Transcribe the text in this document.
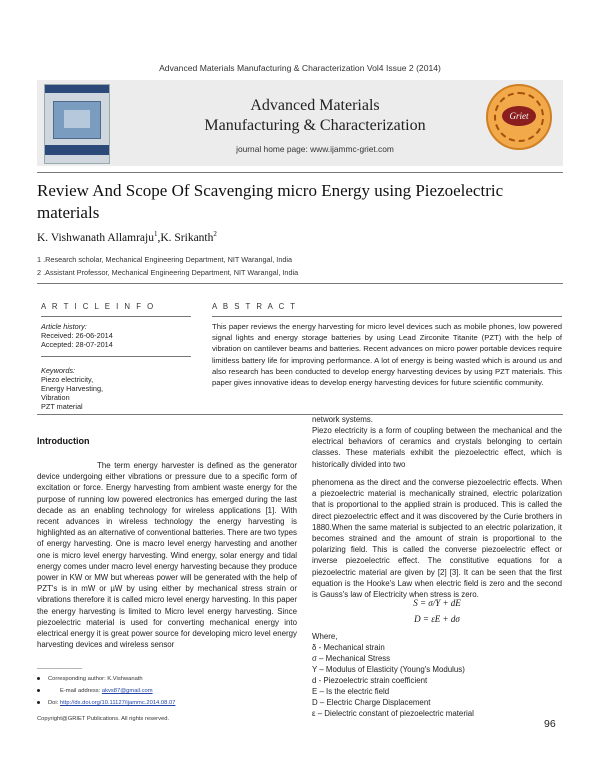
Advanced Materials Manufacturing & Characterization Vol4 Issue 2 (2014)
Advanced Materials
Manufacturing & Characterization
journal home page: www.ijammc-griet.com
Griet
Review And Scope Of Scavenging micro Energy using Piezoelectric materials
K. Vishwanath Allamraju$^1$,K. Srikanth$^2$
1 .Research scholar, Mechanical Engineering Department, NIT Warangal, India
2 .Assistant Professor, Mechanical Engineering Department, NIT Warangal, India
A R T I C L E I N F O
Article history:
Received: 26-06-2014
Accepted: 28-07-2014
Keywords:
Piezo electricity,
Energy Harvesting,
Vibration
PZT material
A B S T R A C T
This paper reviews the energy harvesting for micro level devices such as mobile phones, low powered signal lights and energy storage batteries by using Lead Zirconite Titanite (PZT) with the help of vibration on cantilever beams and batteries. Recent advances on micro power portable devices require limitless battery life for improving performance. A lot of energy is being wasted which is around us and also research has been conducted to develop energy harvesting devices by using PZT materials. This paper gives innovative ideas to develop energy harvesting devices for future scientific community.
Introduction
The term energy harvester is defined as the generator device undergoing either vibrations or pressure due to a specific form of excitation or force. Energy harvesting from ambient waste energy for the purpose of running low powered electronics has emerged during the last decade as an enabling technology for wireless applications [1]. With recent advances in wireless technology the energy harvesting is highlighted as an alternative of conventional batteries. There are two types of energy harvesting. One is macro level energy harvesting and another one is micro level energy harvesting. Wind energy, solar energy and tidal energy comes under macro level energy harvesting because they produce power in KW or MW but whereas power will be generated with the help of PZT's is in mW or µW by using either by mechanical stress strain or vibrations therefore it is called micro level energy harvesting. In this paper the energy harvesting is limited to Micro level energy harvesting. Since piezoelectric material is used for converting mechanical energy into electrical energy it is great power source for developing micro level energy harvesting devices and wireless sensor
network systems.
Piezo electricity is a form of coupling between the mechanical and the electrical behaviors of ceramics and crystals belonging to certain classes. These materials exhibit the piezoelectric effect, which is historically divided into two
phenomena as the direct and the converse piezoelectric effects. When a piezoelectric material is mechanically strained, electric polarization that is proportional to the applied strain is produced. This is called the direct piezoelectric effect and it was discovered by the Curie brothers in 1880.When the same material is subjected to an electric polarization, it becomes strained and the amount of strain is proportional to the polarizing field. This is called the converse piezoelectric effect or inverse piezoelectric effect. The constitutive equations for a piezoelectric material are given by [2] [3]. It can be seen that the first equation is the Hooke's Law when electric field is zero and the second is Gauss's law of Electricity when stress is zero.
S = σ/Y + dE
D = εE + dσ
Where,
δ - Mechanical strain
σ – Mechanical Stress
Y – Modulus of Elasticity (Young's Modulus)
d - Piezoelectric strain coefficient
E – Is the electric field
D – Electric Charge Displacement
ε – Dielectric constant of piezoelectric material
______________
Corresponding author: K.Vishwanath
E-mail address: akvs87@gmail.com
Doi: http://dx.doi.org/10.11127/ijammc.2014.08.07
Copyright@GRIET Publications. All rights reserved.	96
